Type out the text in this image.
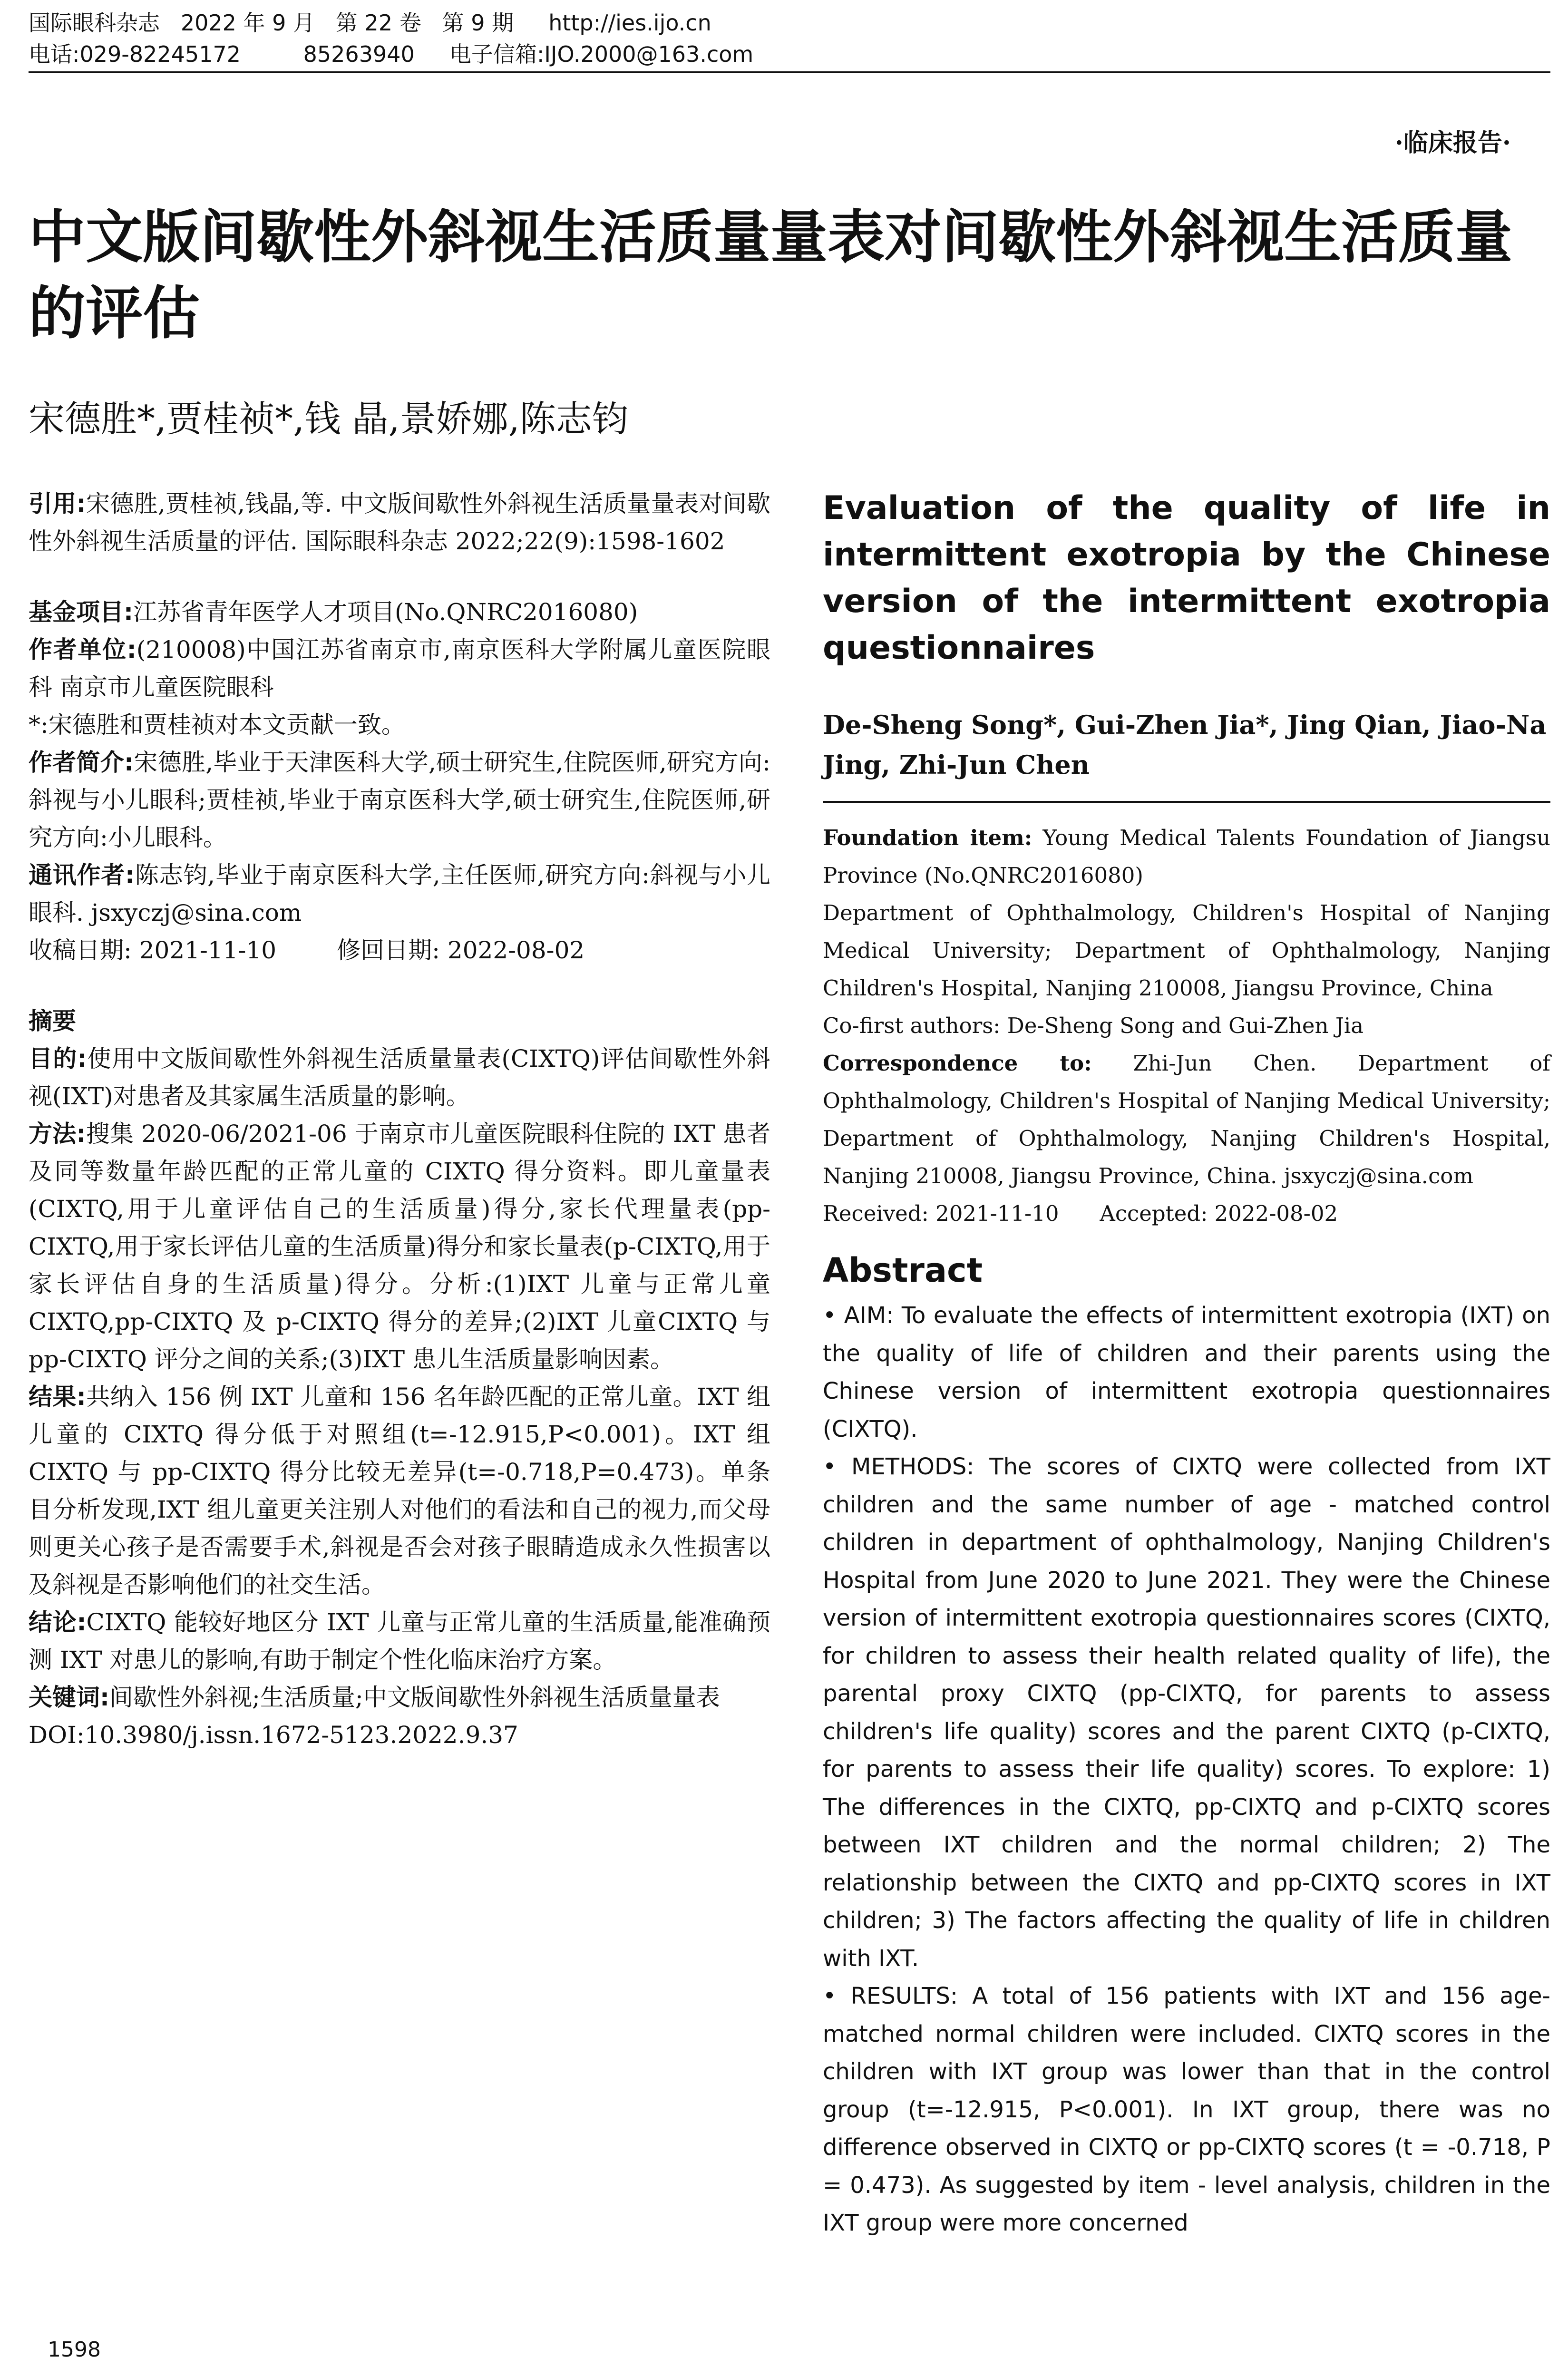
国际眼科杂志   2022 年 9 月   第 22 卷   第 9 期     http://ies.ijo.cn
电话:029-82245172         85263940     电子信箱:IJO.2000@163.com
·临床报告·
中文版间歇性外斜视生活质量量表对间歇性外斜视生活质量的评估
宋德胜*,贾桂祯*,钱 晶,景娇娜,陈志钧

引用:宋德胜,贾桂祯,钱晶,等. 中文版间歇性外斜视生活质量量表对间歇性外斜视生活质量的评估. 国际眼科杂志 2022;22(9):1598-1602

基金项目:江苏省青年医学人才项目(No.QNRC2016080)

作者单位:(210008)中国江苏省南京市,南京医科大学附属儿童医院眼科 南京市儿童医院眼科

*:宋德胜和贾桂祯对本文贡献一致。

作者简介:宋德胜,毕业于天津医科大学,硕士研究生,住院医师,研究方向:斜视与小儿眼科;贾桂祯,毕业于南京医科大学,硕士研究生,住院医师,研究方向:小儿眼科。

通讯作者:陈志钧,毕业于南京医科大学,主任医师,研究方向:斜视与小儿眼科. jsxyczj@sina.com

收稿日期: 2021-11-10        修回日期: 2022-08-02

摘要

目的:使用中文版间歇性外斜视生活质量量表(CIXTQ)评估间歇性外斜视(IXT)对患者及其家属生活质量的影响。

方法:搜集 2020-06/2021-06 于南京市儿童医院眼科住院的 IXT 患者及同等数量年龄匹配的正常儿童的 CIXTQ 得分资料。即儿童量表(CIXTQ,用于儿童评估自己的生活质量)得分,家长代理量表(pp-CIXTQ,用于家长评估儿童的生活质量)得分和家长量表(p-CIXTQ,用于家长评估自身的生活质量)得分。分析:(1)IXT 儿童与正常儿童CIXTQ,pp-CIXTQ 及 p-CIXTQ 得分的差异;(2)IXT 儿童CIXTQ 与 pp-CIXTQ 评分之间的关系;(3)IXT 患儿生活质量影响因素。

结果:共纳入 156 例 IXT 儿童和 156 名年龄匹配的正常儿童。IXT 组儿童的 CIXTQ 得分低于对照组(t=-12.915,P<0.001)。IXT 组 CIXTQ 与 pp-CIXTQ 得分比较无差异(t=-0.718,P=0.473)。单条目分析发现,IXT 组儿童更关注别人对他们的看法和自己的视力,而父母则更关心孩子是否需要手术,斜视是否会对孩子眼睛造成永久性损害以及斜视是否影响他们的社交生活。

结论:CIXTQ 能较好地区分 IXT 儿童与正常儿童的生活质量,能准确预测 IXT 对患儿的影响,有助于制定个性化临床治疗方案。

关键词:间歇性外斜视;生活质量;中文版间歇性外斜视生活质量量表

DOI:10.3980/j.issn.1672-5123.2022.9.37

Evaluation of the quality of life in intermittent exotropia by the Chinese version of the intermittent exotropia questionnaires

De-Sheng Song*, Gui-Zhen Jia*, Jing Qian, Jiao-Na Jing, Zhi-Jun Chen
Foundation item: Young Medical Talents Foundation of Jiangsu Province (No.QNRC2016080)
Department of Ophthalmology, Children's Hospital of Nanjing Medical University; Department of Ophthalmology, Nanjing Children's Hospital, Nanjing 210008, Jiangsu Province, China
Co-first authors: De-Sheng Song and Gui-Zhen Jia
Correspondence to: Zhi-Jun Chen. Department of Ophthalmology, Children's Hospital of Nanjing Medical University; Department of Ophthalmology, Nanjing Children's Hospital, Nanjing 210008, Jiangsu Province, China. jsxyczj@sina.com
Received: 2021-11-10      Accepted: 2022-08-02
Abstract
• AIM: To evaluate the effects of intermittent exotropia (IXT) on the quality of life of children and their parents using the Chinese version of intermittent exotropia questionnaires (CIXTQ).
• METHODS: The scores of CIXTQ were collected from IXT children and the same number of age - matched control children in department of ophthalmology, Nanjing Children's Hospital from June 2020 to June 2021. They were the Chinese version of intermittent exotropia questionnaires scores (CIXTQ, for children to assess their health related quality of life), the parental proxy CIXTQ (pp-CIXTQ, for parents to assess children's life quality) scores and the parent CIXTQ (p-CIXTQ, for parents to assess their life quality) scores. To explore: 1) The differences in the CIXTQ, pp-CIXTQ and p-CIXTQ scores between IXT children and the normal children; 2) The relationship between the CIXTQ and pp-CIXTQ scores in IXT children; 3) The factors affecting the quality of life in children with IXT.
• RESULTS: A total of 156 patients with IXT and 156 age-matched normal children were included. CIXTQ scores in the children with IXT group was lower than that in the control group (t=-12.915, P<0.001). In IXT group, there was no difference observed in CIXTQ or pp-CIXTQ scores (t = -0.718, P = 0.473). As suggested by item - level analysis, children in the IXT group were more concerned
1598
